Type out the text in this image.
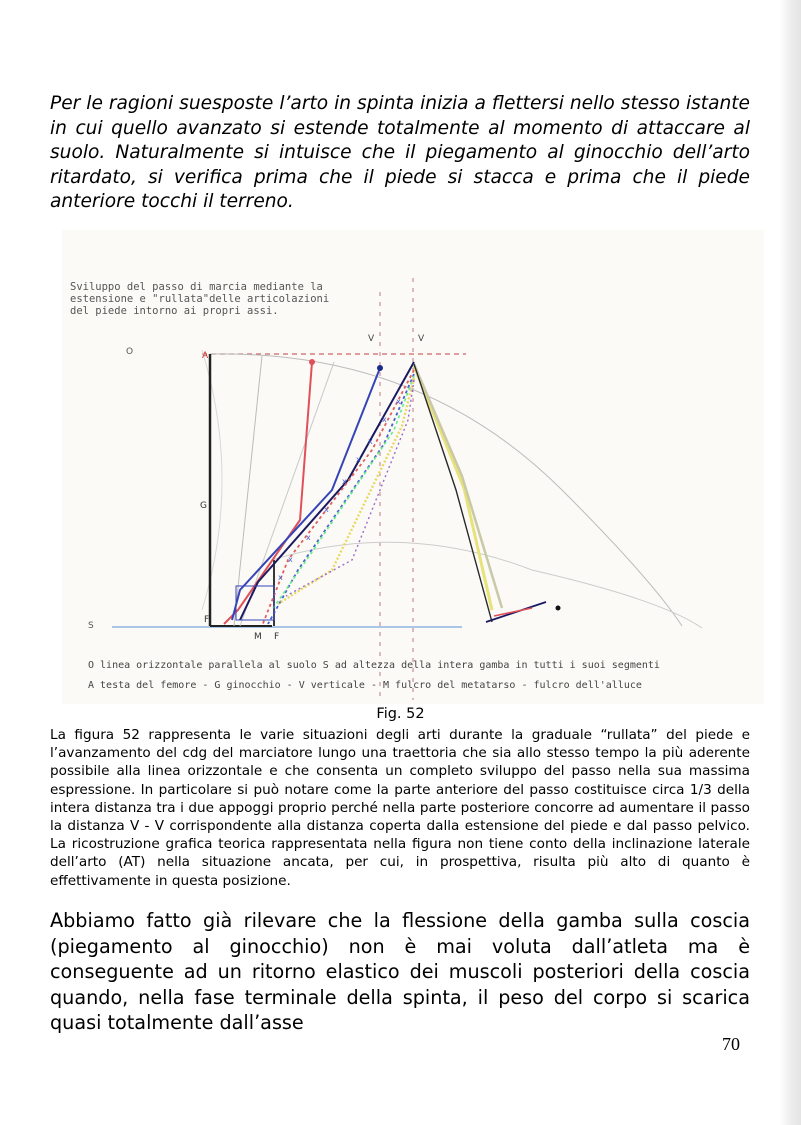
Per le ragioni suesposte l’arto in spinta inizia a flettersi nello stesso istante in cui quello avanzato si estende totalmente al momento di attaccare al suolo. Naturalmente si intuisce che il piegamento al ginocchio dell’arto ritardato, si verifica prima che il piede si stacca e prima che il piede anteriore tocchi il terreno.

Sviluppo del passo di marcia mediante la
estensione e "rullata"delle articolazioni
del piede intorno ai propri assi.
V	V
O
S
A
G
F
M F
x
x
x
x
x
x
x
x
x
O linea orizzontale parallela al suolo S ad altezza della intera gamba in tutti i suoi segmenti
A testa del femore - G ginocchio - V verticale - M fulcro del metatarso - fulcro dell'alluce

Fig. 52

La figura 52 rappresenta le varie situazioni degli arti durante la graduale “rullata” del piede e l’avanzamento del cdg del marciatore lungo una traettoria che sia allo stesso tempo la più aderente possibile alla linea orizzontale e che consenta un completo sviluppo del passo nella sua massima espressione. In particolare si può notare come la parte anteriore del passo costituisce circa 1/3 della intera distanza tra i due appoggi proprio perché nella parte posteriore concorre ad aumentare il passo la distanza V - V corrispondente alla distanza coperta dalla estensione del piede e dal passo pelvico. La ricostruzione grafica teorica rappresentata nella figura non tiene conto della inclinazione laterale dell’arto (AT) nella situazione ancata, per cui, in prospettiva, risulta più alto di quanto è effettivamente in questa posizione.

Abbiamo fatto già rilevare che la flessione della gamba sulla coscia (piegamento al ginocchio) non è mai voluta dall’atleta ma è conseguente ad un ritorno elastico dei muscoli posteriori della coscia quando, nella fase terminale della spinta, il peso del corpo si scarica quasi totalmente dall’asse

70
